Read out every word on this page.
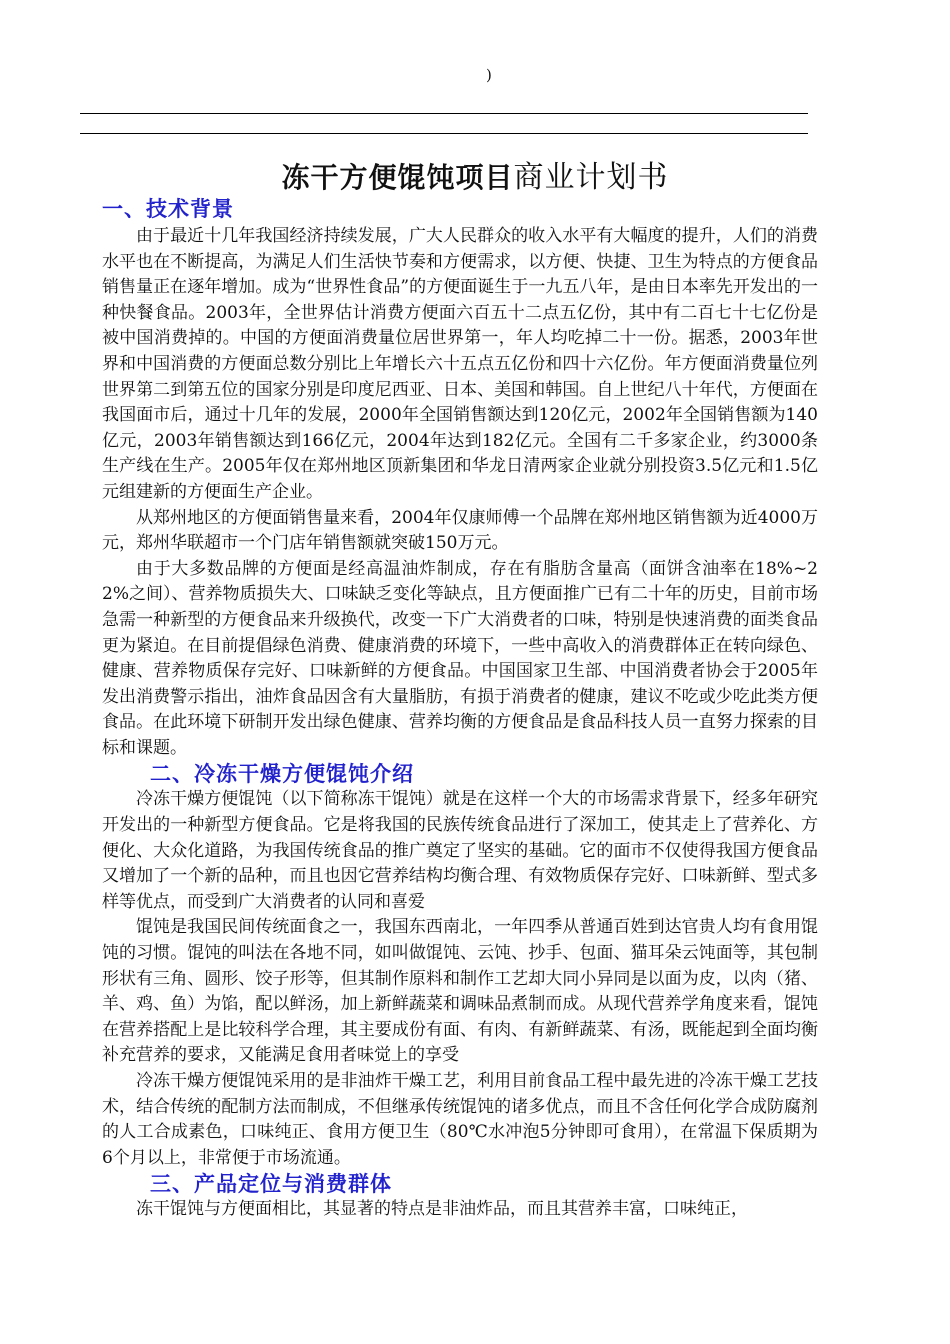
)
冻干方便馄饨项目商业计划书
一、技术背景

由于最近十几年我国经济持续发展，广大人民群众的收入水平有大幅度的提升，人们的消费水平也在不断提高，为满足人们生活快节奏和方便需求，以方便、快捷、卫生为特点的方便食品销售量正在逐年增加。成为“世界性食品”的方便面诞生于一九五八年，是由日本率先开发出的一种快餐食品。2003年，全世界估计消费方便面六百五十二点五亿份，其中有二百七十七亿份是被中国消费掉的。中国的方便面消费量位居世界第一，年人均吃掉二十一份。据悉，2003年世界和中国消费的方便面总数分别比上年增长六十五点五亿份和四十六亿份。年方便面消费量位列世界第二到第五位的国家分别是印度尼西亚、日本、美国和韩国。自上世纪八十年代，方便面在我国面市后，通过十几年的发展，2000年全国销售额达到120亿元，2002年全国销售额为140亿元，2003年销售额达到166亿元，2004年达到182亿元。全国有二千多家企业，约3000条生产线在生产。2005年仅在郑州地区顶新集团和华龙日清两家企业就分别投资3.5亿元和1.5亿元组建新的方便面生产企业。

从郑州地区的方便面销售量来看，2004年仅康师傅一个品牌在郑州地区销售额为近4000万元，郑州华联超市一个门店年销售额就突破150万元。

由于大多数品牌的方便面是经高温油炸制成，存在有脂肪含量高（面饼含油率在18%~22%之间）、营养物质损失大、口味缺乏变化等缺点，且方便面推广已有二十年的历史，目前市场急需一种新型的方便食品来升级换代，改变一下广大消费者的口味，特别是快速消费的面类食品更为紧迫。在目前提倡绿色消费、健康消费的环境下，一些中高收入的消费群体正在转向绿色、健康、营养物质保存完好、口味新鲜的方便食品。中国国家卫生部、中国消费者协会于2005年发出消费警示指出，油炸食品因含有大量脂肪，有损于消费者的健康，建议不吃或少吃此类方便食品。在此环境下研制开发出绿色健康、营养均衡的方便食品是食品科技人员一直努力探索的目标和课题。

二、冷冻干燥方便馄饨介绍

冷冻干燥方便馄饨（以下简称冻干馄饨）就是在这样一个大的市场需求背景下，经多年研究开发出的一种新型方便食品。它是将我国的民族传统食品进行了深加工，使其走上了营养化、方便化、大众化道路，为我国传统食品的推广奠定了坚实的基础。它的面市不仅使得我国方便食品又增加了一个新的品种，而且也因它营养结构均衡合理、有效物质保存完好、口味新鲜、型式多样等优点，而受到广大消费者的认同和喜爱

馄饨是我国民间传统面食之一，我国东西南北，一年四季从普通百姓到达官贵人均有食用馄饨的习惯。馄饨的叫法在各地不同，如叫做馄饨、云饨、抄手、包面、猫耳朵云饨面等，其包制形状有三角、圆形、饺子形等，但其制作原料和制作工艺却大同小异同是以面为皮，以肉（猪、羊、鸡、鱼）为馅，配以鲜汤，加上新鲜蔬菜和调味品煮制而成。从现代营养学角度来看，馄饨在营养搭配上是比较科学合理，其主要成份有面、有肉、有新鲜蔬菜、有汤，既能起到全面均衡补充营养的要求，又能满足食用者味觉上的享受

冷冻干燥方便馄饨采用的是非油炸干燥工艺，利用目前食品工程中最先进的冷冻干燥工艺技术，结合传统的配制方法而制成，不但继承传统馄饨的诸多优点，而且不含任何化学合成防腐剂的人工合成素色，口味纯正、食用方便卫生（80℃水冲泡5分钟即可食用），在常温下保质期为6个月以上，非常便于市场流通。

三、产品定位与消费群体

冻干馄饨与方便面相比，其显著的特点是非油炸品，而且其营养丰富，口味纯正，
